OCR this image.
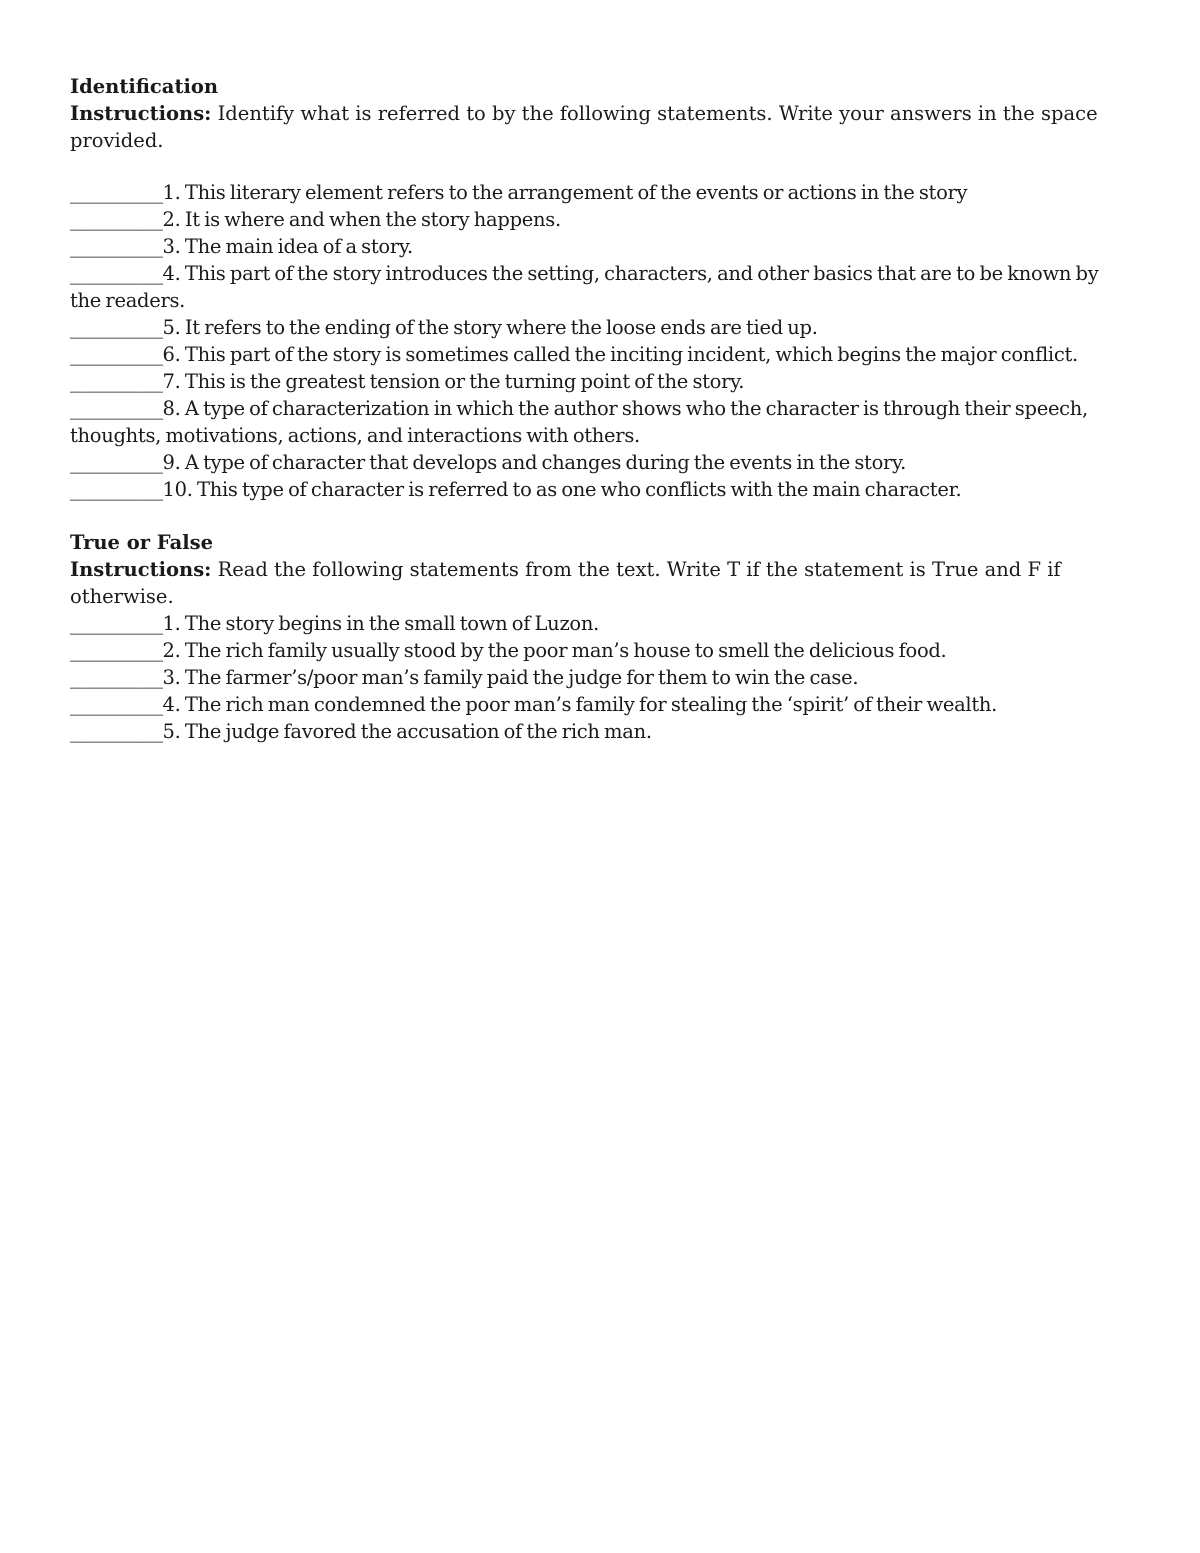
Identification

Instructions: Identify what is referred to by the following statements. Write your answers in the space provided.

__________1. This literary element refers to the arrangement of the events or actions in the story
__________2. It is where and when the story happens.
__________3. The main idea of a story.
__________4. This part of the story introduces the setting, characters, and other basics that are to be known by the readers.
__________5. It refers to the ending of the story where the loose ends are tied up.
__________6. This part of the story is sometimes called the inciting incident, which begins the major conflict.
__________7. This is the greatest tension or the turning point of the story.
__________8. A type of characterization in which the author shows who the character is through their speech, thoughts, motivations, actions, and interactions with others.
__________9. A type of character that develops and changes during the events in the story.
__________10. This type of character is referred to as one who conflicts with the main character.

True or False

Instructions: Read the following statements from the text. Write T if the statement is True and F if otherwise.

__________1. The story begins in the small town of Luzon.
__________2. The rich family usually stood by the poor man’s house to smell the delicious food.
__________3. The farmer’s/poor man’s family paid the judge for them to win the case.
__________4. The rich man condemned the poor man’s family for stealing the ‘spirit’ of their wealth.
__________5. The judge favored the accusation of the rich man.
